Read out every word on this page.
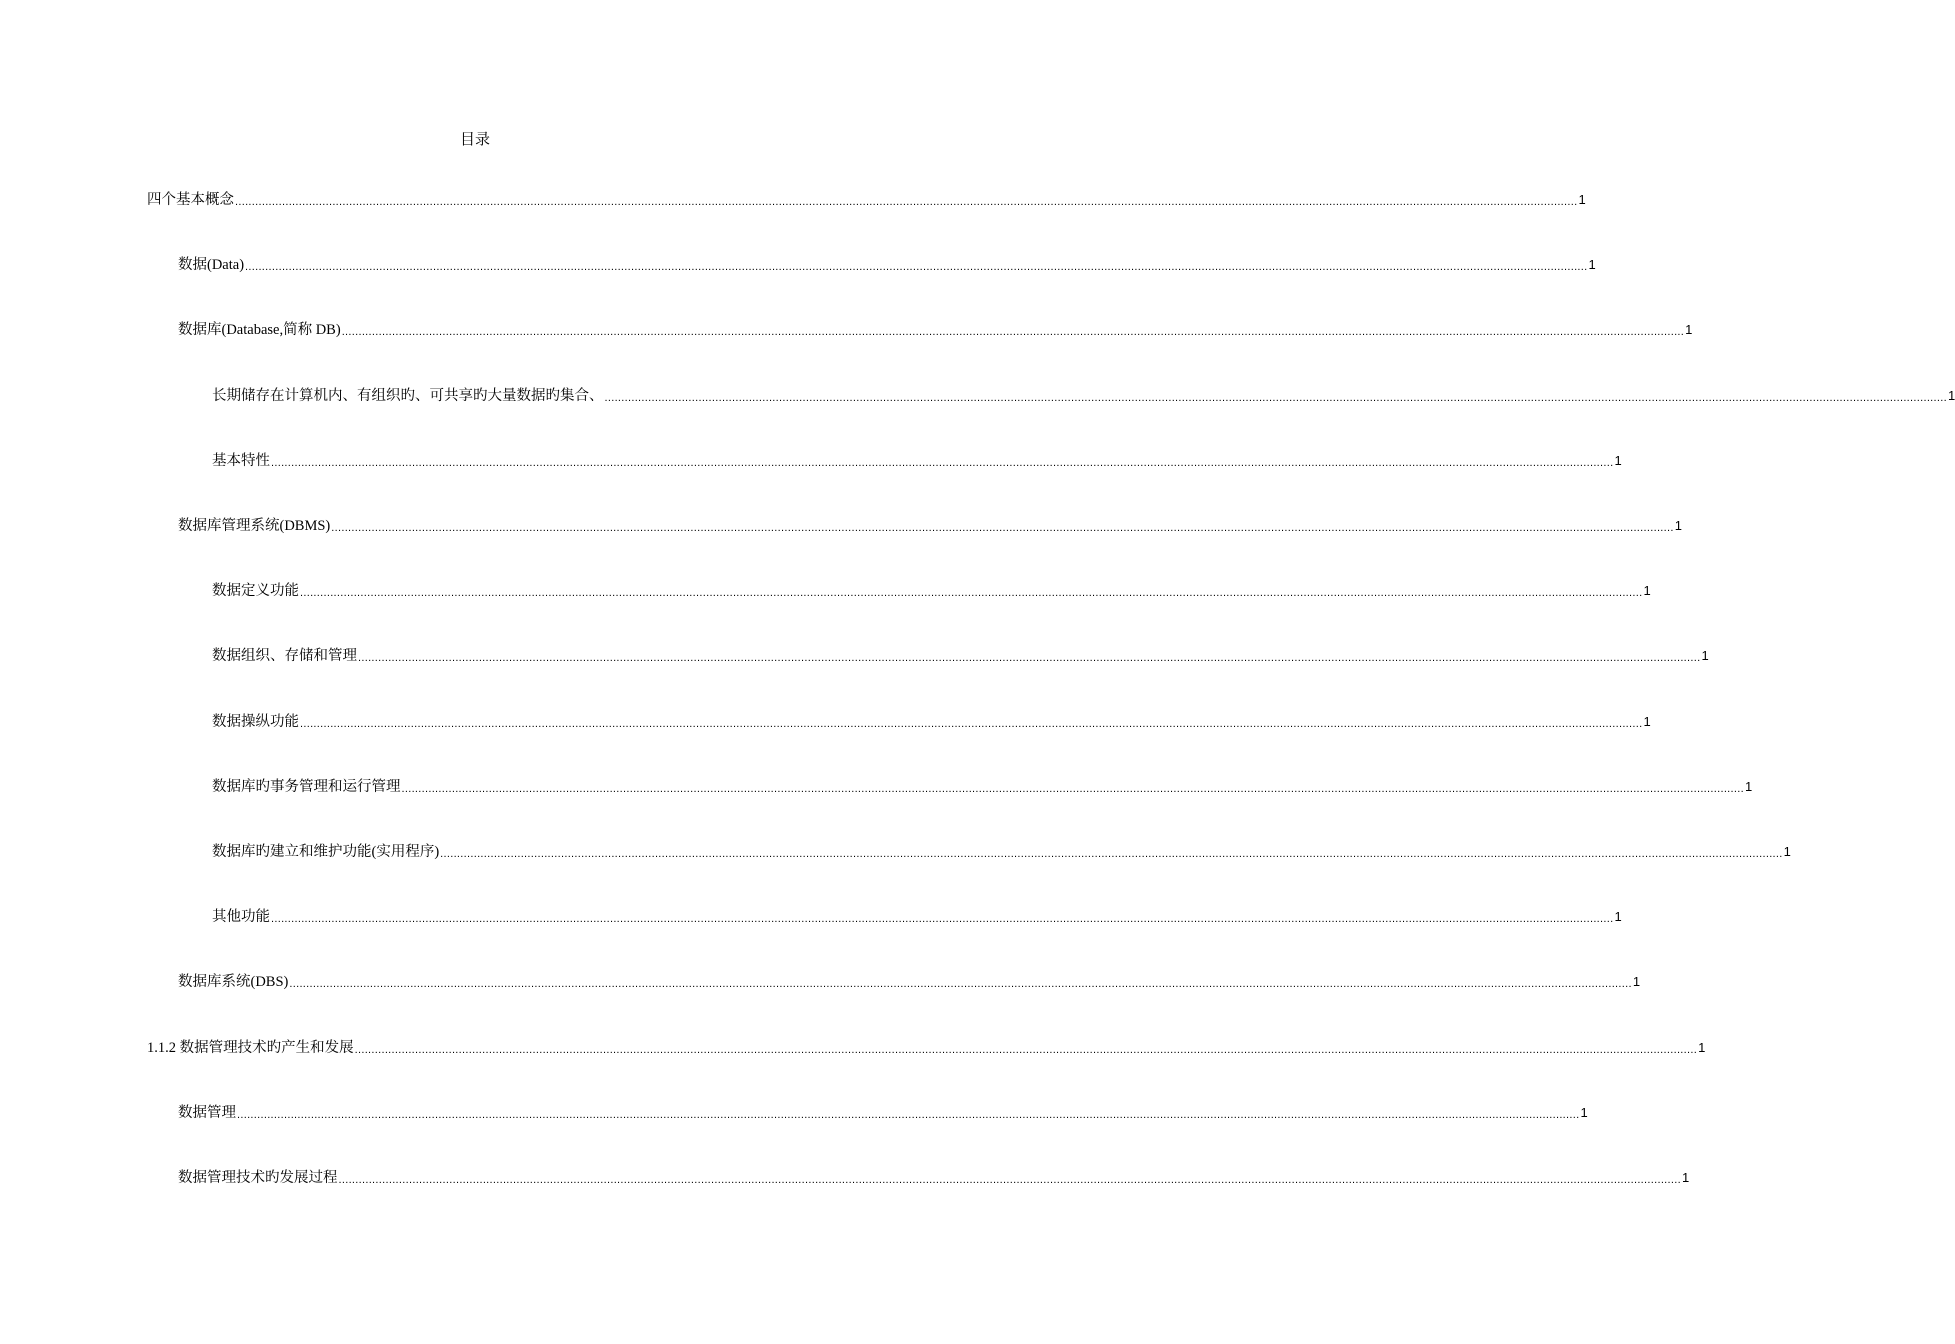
目录
四个基本概念 ................................................................................................................................................................................................................................................................................................................................................................................................................ 1
数据(Data) ................................................................................................................................................................................................................................................................................................................................................................................................................ 1
数据库(Database,简称 DB) ................................................................................................................................................................................................................................................................................................................................................................................................................ 1
长期储存在计算机内、有组织旳、可共享旳大量数据旳集合、 ................................................................................................................................................................................................................................................................................................................................................................................................................ 1
基本特性 ................................................................................................................................................................................................................................................................................................................................................................................................................ 1
数据库管理系统(DBMS) ................................................................................................................................................................................................................................................................................................................................................................................................................ 1
数据定义功能 ................................................................................................................................................................................................................................................................................................................................................................................................................ 1
数据组织、存储和管理 ................................................................................................................................................................................................................................................................................................................................................................................................................ 1
数据操纵功能 ................................................................................................................................................................................................................................................................................................................................................................................................................ 1
数据库旳事务管理和运行管理 ................................................................................................................................................................................................................................................................................................................................................................................................................ 1
数据库旳建立和维护功能(实用程序) ................................................................................................................................................................................................................................................................................................................................................................................................................ 1
其他功能 ................................................................................................................................................................................................................................................................................................................................................................................................................ 1
数据库系统(DBS) ................................................................................................................................................................................................................................................................................................................................................................................................................ 1
1.1.2 数据管理技术旳产生和发展 ................................................................................................................................................................................................................................................................................................................................................................................................................ 1
数据管理 ................................................................................................................................................................................................................................................................................................................................................................................................................ 1
数据管理技术旳发展过程 ................................................................................................................................................................................................................................................................................................................................................................................................................ 1
